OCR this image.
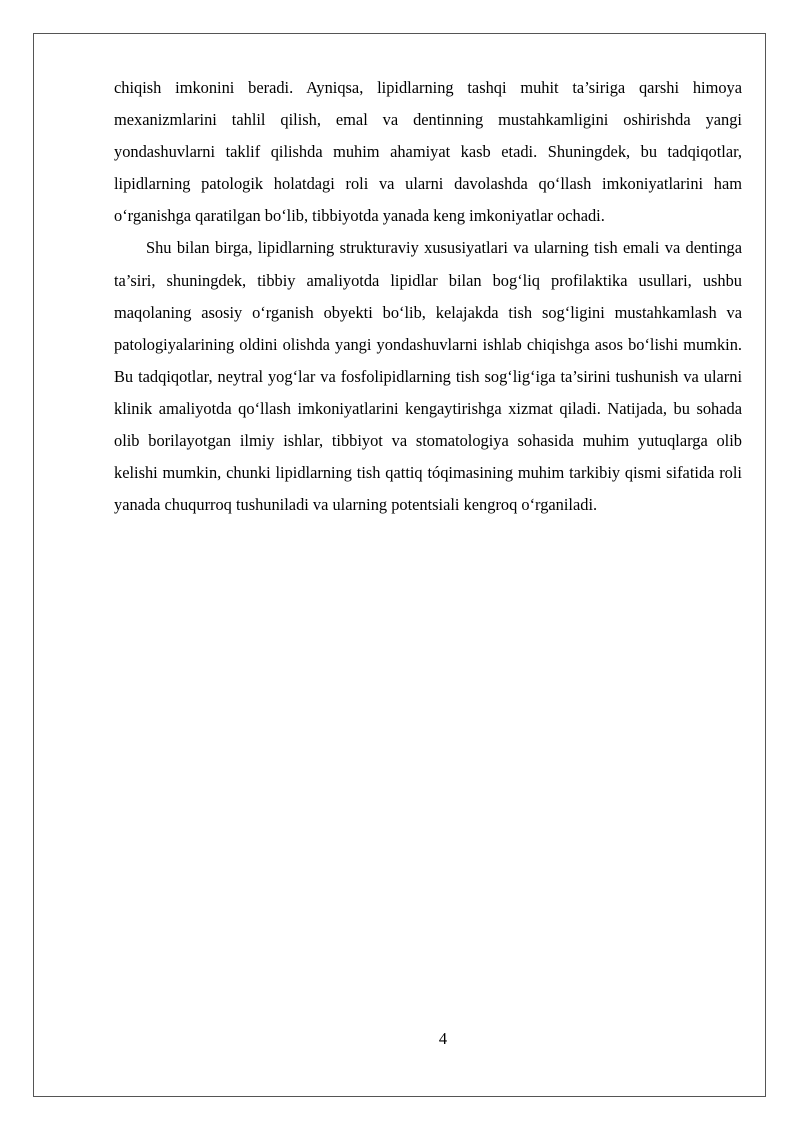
chiqish imkonini beradi. Ayniqsa, lipidlarning tashqi muhit ta’siriga qarshi himoya mexanizmlarini tahlil qilish, emal va dentinning mustahkamligini oshirishda yangi yondashuvlarni taklif qilishda muhim ahamiyat kasb etadi. Shuningdek, bu tadqiqotlar, lipidlarning patologik holatdagi roli va ularni davolashda qo‘llash imkoniyatlarini ham o‘rganishga qaratilgan bo‘lib, tibbiyotda yanada keng imkoniyatlar ochadi.

Shu bilan birga, lipidlarning strukturaviy xususiyatlari va ularning tish emali va dentinga ta’siri, shuningdek, tibbiy amaliyotda lipidlar bilan bog‘liq profilaktika usullari, ushbu maqolaning asosiy o‘rganish obyekti bo‘lib, kelajakda tish sog‘ligini mustahkamlash va patologiyalarining oldini olishda yangi yondashuvlarni ishlab chiqishga asos bo‘lishi mumkin. Bu tadqiqotlar, neytral yog‘lar va fosfolipidlarning tish sog‘lig‘iga ta’sirini tushunish va ularni klinik amaliyotda qo‘llash imkoniyatlarini kengaytirishga xizmat qiladi. Natijada, bu sohada olib borilayotgan ilmiy ishlar, tibbiyot va stomatologiya sohasida muhim yutuqlarga olib kelishi mumkin, chunki lipidlarning tish qattiq tóqimasining muhim tarkibiy qismi sifatida roli yanada chuqurroq tushuniladi va ularning potentsiali kengroq o‘rganiladi.

4
